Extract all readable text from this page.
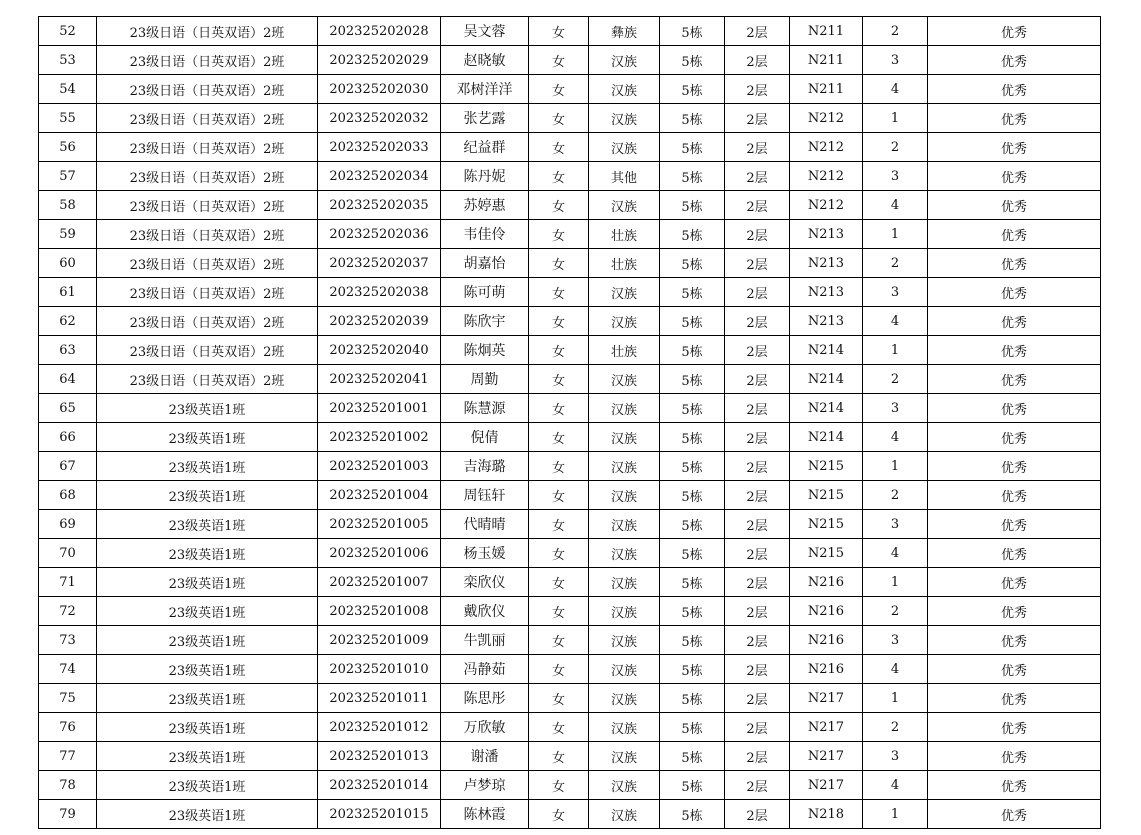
52	23级日语（日英双语）2班	202325202028	吴文蓉	女	彝族	5栋	2层	N211	2	优秀
53	23级日语（日英双语）2班	202325202029	赵晓敏	女	汉族	5栋	2层	N211	3	优秀
54	23级日语（日英双语）2班	202325202030	邓树洋洋	女	汉族	5栋	2层	N211	4	优秀
55	23级日语（日英双语）2班	202325202032	张艺露	女	汉族	5栋	2层	N212	1	优秀
56	23级日语（日英双语）2班	202325202033	纪益群	女	汉族	5栋	2层	N212	2	优秀
57	23级日语（日英双语）2班	202325202034	陈丹妮	女	其他	5栋	2层	N212	3	优秀
58	23级日语（日英双语）2班	202325202035	苏婷惠	女	汉族	5栋	2层	N212	4	优秀
59	23级日语（日英双语）2班	202325202036	韦佳伶	女	壮族	5栋	2层	N213	1	优秀
60	23级日语（日英双语）2班	202325202037	胡嘉怡	女	壮族	5栋	2层	N213	2	优秀
61	23级日语（日英双语）2班	202325202038	陈可萌	女	汉族	5栋	2层	N213	3	优秀
62	23级日语（日英双语）2班	202325202039	陈欣宇	女	汉族	5栋	2层	N213	4	优秀
63	23级日语（日英双语）2班	202325202040	陈炯英	女	壮族	5栋	2层	N214	1	优秀
64	23级日语（日英双语）2班	202325202041	周勤	女	汉族	5栋	2层	N214	2	优秀
65	23级英语1班	202325201001	陈慧源	女	汉族	5栋	2层	N214	3	优秀
66	23级英语1班	202325201002	倪倩	女	汉族	5栋	2层	N214	4	优秀
67	23级英语1班	202325201003	吉海璐	女	汉族	5栋	2层	N215	1	优秀
68	23级英语1班	202325201004	周钰轩	女	汉族	5栋	2层	N215	2	优秀
69	23级英语1班	202325201005	代晴晴	女	汉族	5栋	2层	N215	3	优秀
70	23级英语1班	202325201006	杨玉媛	女	汉族	5栋	2层	N215	4	优秀
71	23级英语1班	202325201007	栾欣仪	女	汉族	5栋	2层	N216	1	优秀
72	23级英语1班	202325201008	戴欣仪	女	汉族	5栋	2层	N216	2	优秀
73	23级英语1班	202325201009	牛凯丽	女	汉族	5栋	2层	N216	3	优秀
74	23级英语1班	202325201010	冯静茹	女	汉族	5栋	2层	N216	4	优秀
75	23级英语1班	202325201011	陈思彤	女	汉族	5栋	2层	N217	1	优秀
76	23级英语1班	202325201012	万欣敏	女	汉族	5栋	2层	N217	2	优秀
77	23级英语1班	202325201013	谢潘	女	汉族	5栋	2层	N217	3	优秀
78	23级英语1班	202325201014	卢梦琼	女	汉族	5栋	2层	N217	4	优秀
79	23级英语1班	202325201015	陈林霞	女	汉族	5栋	2层	N218	1	优秀
